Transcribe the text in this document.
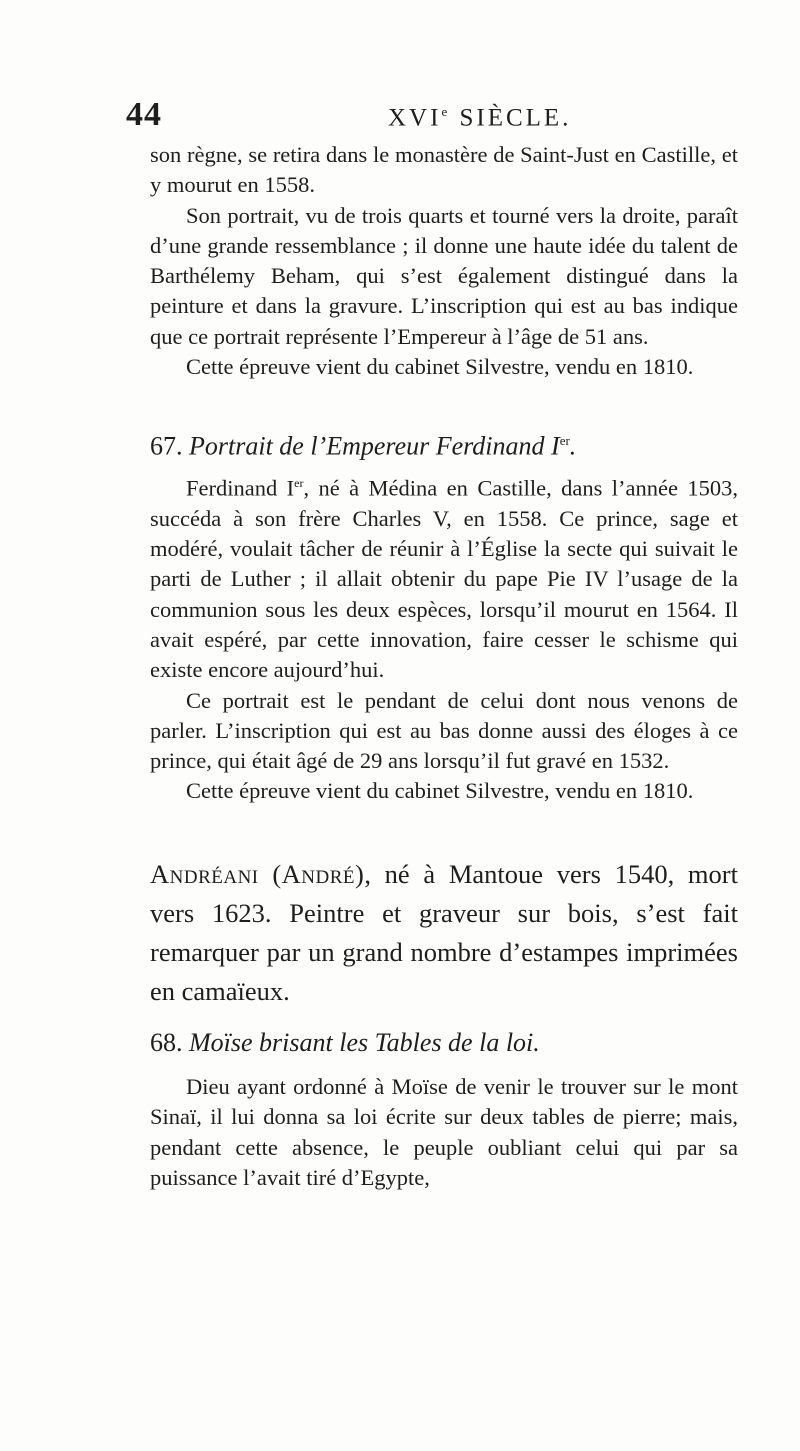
44	XVIe SIÈCLE.

son règne, se retira dans le monastère de Saint-Just en Castille, et y mourut en 1558.

Son portrait, vu de trois quarts et tourné vers la droite, paraît d’une grande ressemblance ; il donne une haute idée du talent de Barthélemy Beham, qui s’est également distingué dans la peinture et dans la gravure. L’inscription qui est au bas indique que ce portrait représente l’Empereur à l’âge de 51 ans.

Cette épreuve vient du cabinet Silvestre, vendu en 1810.

67. Portrait de l’Empereur Ferdinand Ier.

Ferdinand Ier, né à Médina en Castille, dans l’année 1503, succéda à son frère Charles V, en 1558. Ce prince, sage et modéré, voulait tâcher de réunir à l’Église la secte qui suivait le parti de Luther ; il allait obtenir du pape Pie IV l’usage de la communion sous les deux espèces, lorsqu’il mourut en 1564. Il avait espéré, par cette innovation, faire cesser le schisme qui existe encore aujourd’hui.

Ce portrait est le pendant de celui dont nous venons de parler. L’inscription qui est au bas donne aussi des éloges à ce prince, qui était âgé de 29 ans lorsqu’il fut gravé en 1532.

Cette épreuve vient du cabinet Silvestre, vendu en 1810.

Andréani (André), né à Mantoue vers 1540, mort vers 1623. Peintre et graveur sur bois, s’est fait remarquer par un grand nombre d’estampes imprimées en camaïeux.

68. Moïse brisant les Tables de la loi.

Dieu ayant ordonné à Moïse de venir le trouver sur le mont Sinaï, il lui donna sa loi écrite sur deux tables de pierre; mais, pendant cette absence, le peuple oubliant celui qui par sa puissance l’avait tiré d’Egypte,
